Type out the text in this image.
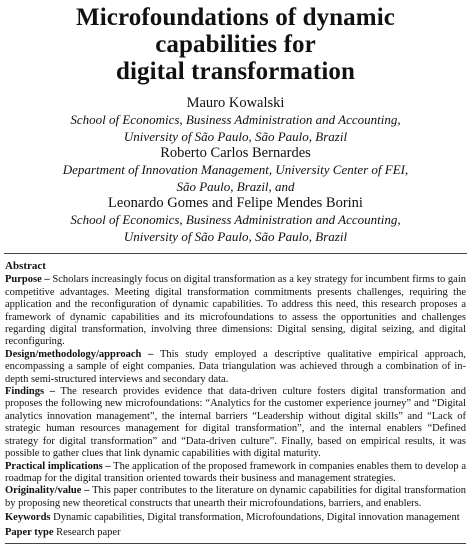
Microfoundations of dynamic
capabilities for
digital transformation
Mauro Kowalski
School of Economics, Business Administration and Accounting,
University of São Paulo, São Paulo, Brazil
Roberto Carlos Bernardes
Department of Innovation Management, University Center of FEI,
São Paulo, Brazil, and
Leonardo Gomes and Felipe Mendes Borini
School of Economics, Business Administration and Accounting,
University of São Paulo, São Paulo, Brazil
Abstract
Purpose – Scholars increasingly focus on digital transformation as a key strategy for incumbent firms to gain competitive advantages. Meeting digital transformation commitments presents challenges, requiring the application and the reconfiguration of dynamic capabilities. To address this need, this research proposes a framework of dynamic capabilities and its microfoundations to assess the opportunities and challenges regarding digital transformation, involving three dimensions: Digital sensing, digital seizing, and digital reconfiguring.
Design/methodology/approach – This study employed a descriptive qualitative empirical approach, encompassing a sample of eight companies. Data triangulation was achieved through a combination of in-depth semi-structured interviews and secondary data.
Findings – The research provides evidence that data-driven culture fosters digital transformation and proposes the following new microfoundations: “Analytics for the customer experience journey” and “Digital analytics innovation management”, the internal barriers “Leadership without digital skills” and “Lack of strategic human resources management for digital transformation”, and the internal enablers “Defined strategy for digital transformation” and “Data-driven culture”. Finally, based on empirical results, it was possible to gather clues that link dynamic capabilities with digital maturity.
Practical implications – The application of the proposed framework in companies enables them to develop a roadmap for the digital transition oriented towards their business and management strategies.
Originality/value – This paper contributes to the literature on dynamic capabilities for digital transformation by proposing new theoretical constructs that unearth their microfoundations, barriers, and enablers.
Keywords Dynamic capabilities, Digital transformation, Microfoundations, Digital innovation management
Paper type Research paper
